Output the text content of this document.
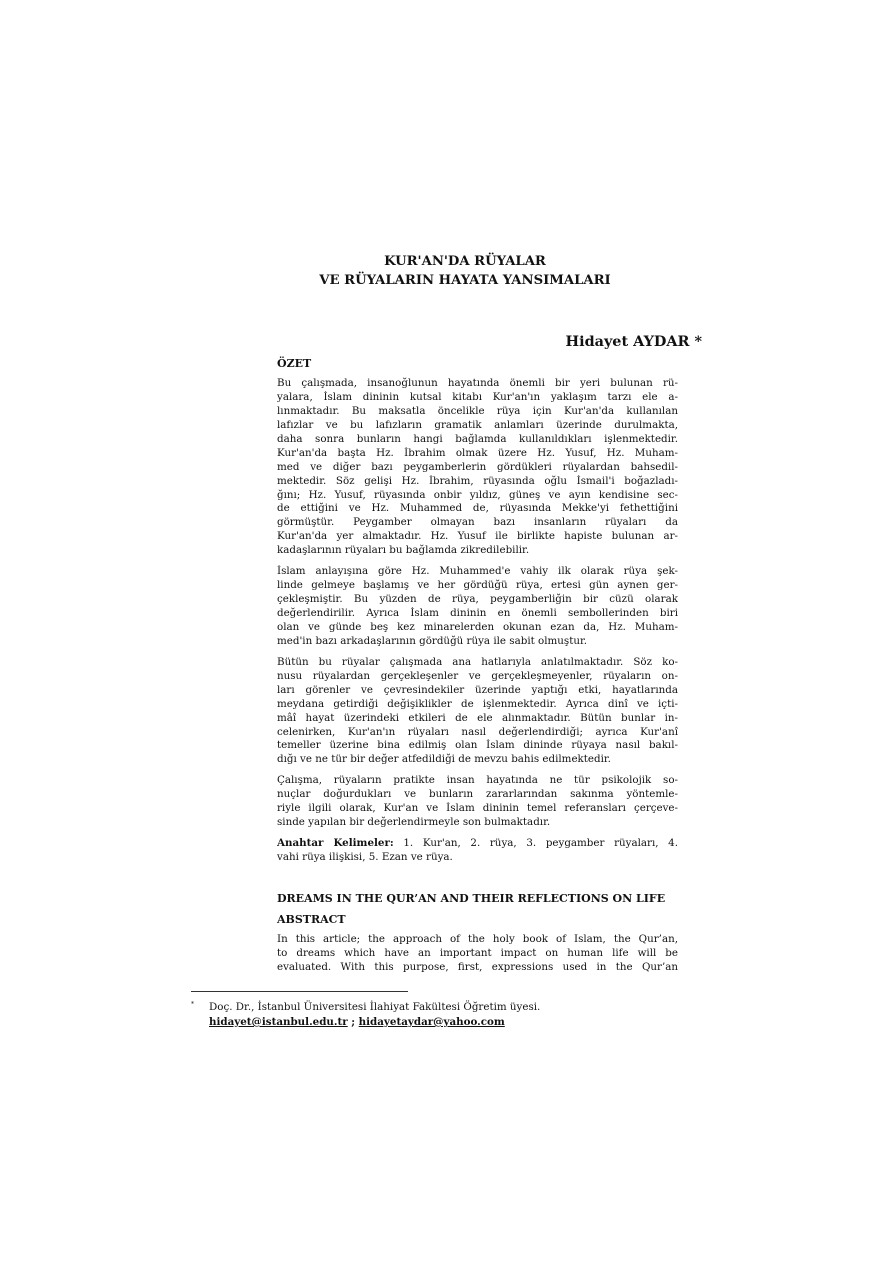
KUR'AN'DA RÜYALAR
VE RÜYALARIN HAYATA YANSIMALARI
Hidayet AYDAR *
ÖZET
Bu çalışmada, insanoğlunun hayatında önemli bir yeri bulunan rü-
yalara, İslam dininin kutsal kitabı Kur'an'ın yaklaşım tarzı ele a-
lınmaktadır. Bu maksatla öncelikle rüya için Kur'an'da kullanılan
lafızlar ve bu lafızların gramatik anlamları üzerinde durulmakta,
daha sonra bunların hangi bağlamda kullanıldıkları işlenmektedir.
Kur'an'da başta Hz. İbrahim olmak üzere Hz. Yusuf, Hz. Muham-
med ve diğer bazı peygamberlerin gördükleri rüyalardan bahsedil-
mektedir. Söz gelişi Hz. İbrahim, rüyasında oğlu İsmail'i boğazladı-
ğını; Hz. Yusuf, rüyasında onbir yıldız, güneş ve ayın kendisine sec-
de ettiğini ve Hz. Muhammed de, rüyasında Mekke'yi fethettiğini
görmüştür. Peygamber olmayan bazı insanların rüyaları da
Kur'an'da yer almaktadır. Hz. Yusuf ile birlikte hapiste bulunan ar-
kadaşlarının rüyaları bu bağlamda zikredilebilir.
İslam anlayışına göre Hz. Muhammed'e vahiy ilk olarak rüya şek-
linde gelmeye başlamış ve her gördüğü rüya, ertesi gün aynen ger-
çekleşmiştir. Bu yüzden de rüya, peygamberliğin bir cüzü olarak
değerlendirilir. Ayrıca İslam dininin en önemli sembollerinden biri
olan ve günde beş kez minarelerden okunan ezan da, Hz. Muham-
med'in bazı arkadaşlarının gördüğü rüya ile sabit olmuştur.
Bütün bu rüyalar çalışmada ana hatlarıyla anlatılmaktadır. Söz ko-
nusu rüyalardan gerçekleşenler ve gerçekleşmeyenler, rüyaların on-
ları görenler ve çevresindekiler üzerinde yaptığı etki, hayatlarında
meydana getirdiği değişiklikler de işlenmektedir. Ayrıca dinî ve içti-
mâî hayat üzerindeki etkileri de ele alınmaktadır. Bütün bunlar in-
celenirken, Kur'an'ın rüyaları nasıl değerlendirdiği; ayrıca Kur'anî
temeller üzerine bina edilmiş olan İslam dininde rüyaya nasıl bakıl-
dığı ve ne tür bir değer atfedildiği de mevzu bahis edilmektedir.
Çalışma, rüyaların pratikte insan hayatında ne tür psikolojik so-
nuçlar doğurdukları ve bunların zararlarından sakınma yöntemle-
riyle ilgili olarak, Kur'an ve İslam dininin temel referansları çerçeve-
sinde yapılan bir değerlendirmeyle son bulmaktadır.
Anahtar Kelimeler: 1. Kur'an, 2. rüya, 3. peygamber rüyaları, 4.
vahi rüya ilişkisi, 5. Ezan ve rüya.
DREAMS IN THE QUR’AN AND THEIR REFLECTIONS ON LIFE
ABSTRACT
In this article; the approach of the holy book of Islam, the Qur’an,
to dreams which have an important impact on human life will be
evaluated. With this purpose, first, expressions used in the Qur’an
* Doç. Dr., İstanbul Üniversitesi İlahiyat Fakültesi Öğretim üyesi.
hidayet@istanbul.edu.tr ; hidayetaydar@yahoo.com
